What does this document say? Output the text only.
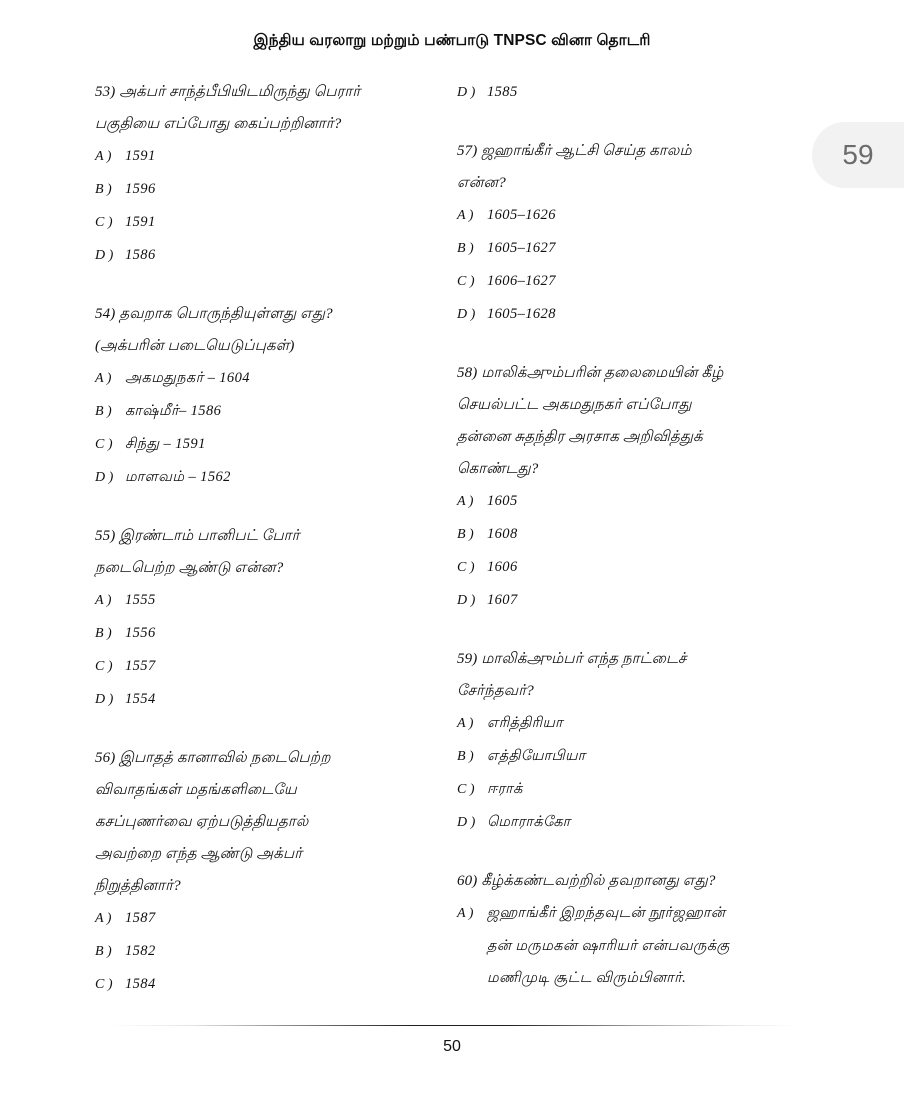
இந்திய வரலாறு மற்றும் பண்பாடு TNPSC வினா தொடரி
59
53) அக்பர் சாந்த்பீபியிடமிருந்து பெரார்
பகுதியை எப்போது கைப்பற்றினார்?
A ) 1591
B ) 1596
C ) 1591
D ) 1586
54) தவறாக பொருந்தியுள்ளது எது?
(அக்பரின் படையெடுப்புகள்)
A ) அகமதுநகர் – 1604
B ) காஷ்மீர்– 1586
C ) சிந்து – 1591
D ) மாளவம் – 1562
55) இரண்டாம் பானிபட் போர்
நடைபெற்ற ஆண்டு என்ன?
A ) 1555
B ) 1556
C ) 1557
D ) 1554
56) இபாதத் கானாவில் நடைபெற்ற
விவாதங்கள் மதங்களிடையே
கசப்புணர்வை ஏற்படுத்தியதால்
அவற்றை எந்த ஆண்டு அக்பர்
நிறுத்தினார்?
A ) 1587
B ) 1582
C ) 1584
D ) 1585
57) ஜஹாங்கீர் ஆட்சி செய்த காலம்
என்ன?
A ) 1605–1626
B ) 1605–1627
C ) 1606–1627
D ) 1605–1628
58) மாலிக்அும்பரின் தலைமையின் கீழ்
செயல்பட்ட அகமதுநகர் எப்போது
தன்னை சுதந்திர அரசாக அறிவித்துக்
கொண்டது?
A ) 1605
B ) 1608
C ) 1606
D ) 1607
59) மாலிக்அும்பர் எந்த நாட்டைச்
சேர்ந்தவர்?
A ) எரித்திரியா
B ) எத்தியோபியா
C ) ஈராக்
D ) மொராக்கோ
60) கீழ்க்கண்டவற்றில் தவறானது எது?
A ) ஜஹாங்கீர் இறந்தவுடன் நூர்ஜஹான்
தன் மருமகன் ஷாரியர் என்பவருக்கு
மணிமுடி சூட்ட விரும்பினார்.
50
